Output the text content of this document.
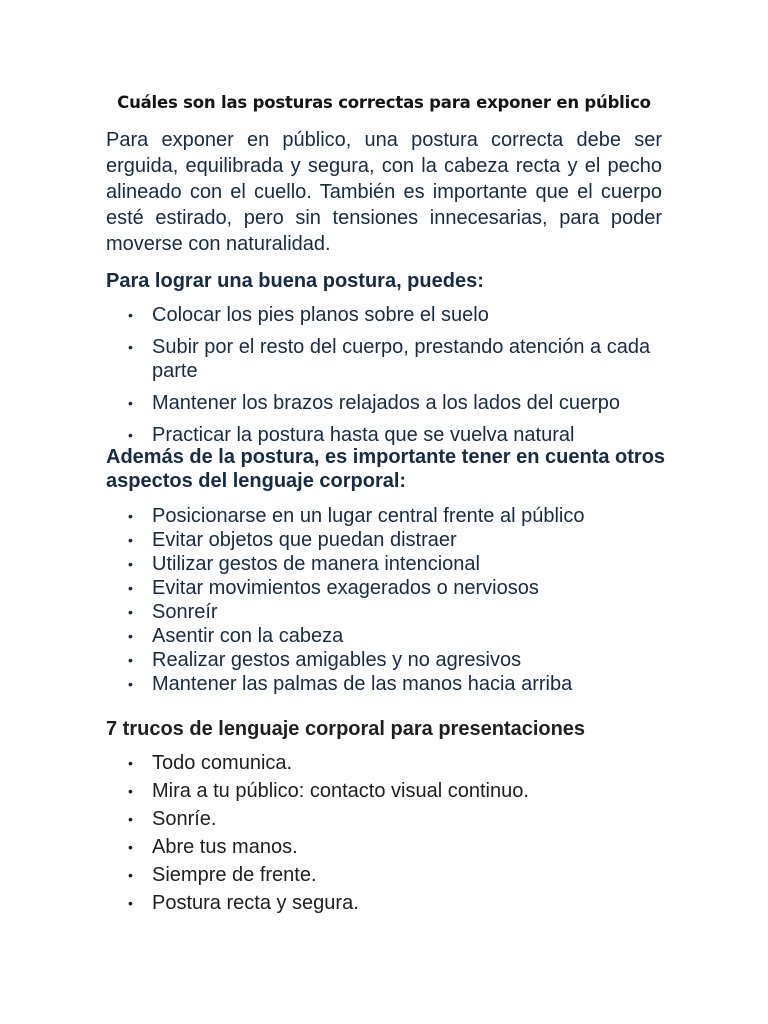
Cuáles son las posturas correctas para exponer en público

Para exponer en público, una postura correcta debe ser erguida, equilibrada y segura, con la cabeza recta y el pecho alineado con el cuello. También es importante que el cuerpo esté estirado, pero sin tensiones innecesarias, para poder moverse con naturalidad.

Para lograr una buena postura, puedes:
• Colocar los pies planos sobre el suelo
• Subir por el resto del cuerpo, prestando atención a cada parte
• Mantener los brazos relajados a los lados del cuerpo
• Practicar la postura hasta que se vuelva natural
Además de la postura, es importante tener en cuenta otros aspectos del lenguaje corporal:
• Posicionarse en un lugar central frente al público
• Evitar objetos que puedan distraer
• Utilizar gestos de manera intencional
• Evitar movimientos exagerados o nerviosos
• Sonreír
• Asentir con la cabeza
• Realizar gestos amigables y no agresivos
• Mantener las palmas de las manos hacia arriba
7 trucos de lenguaje corporal para presentaciones
• Todo comunica.
• Mira a tu público: contacto visual continuo.
• Sonríe.
• Abre tus manos.
• Siempre de frente.
• Postura recta y segura.
